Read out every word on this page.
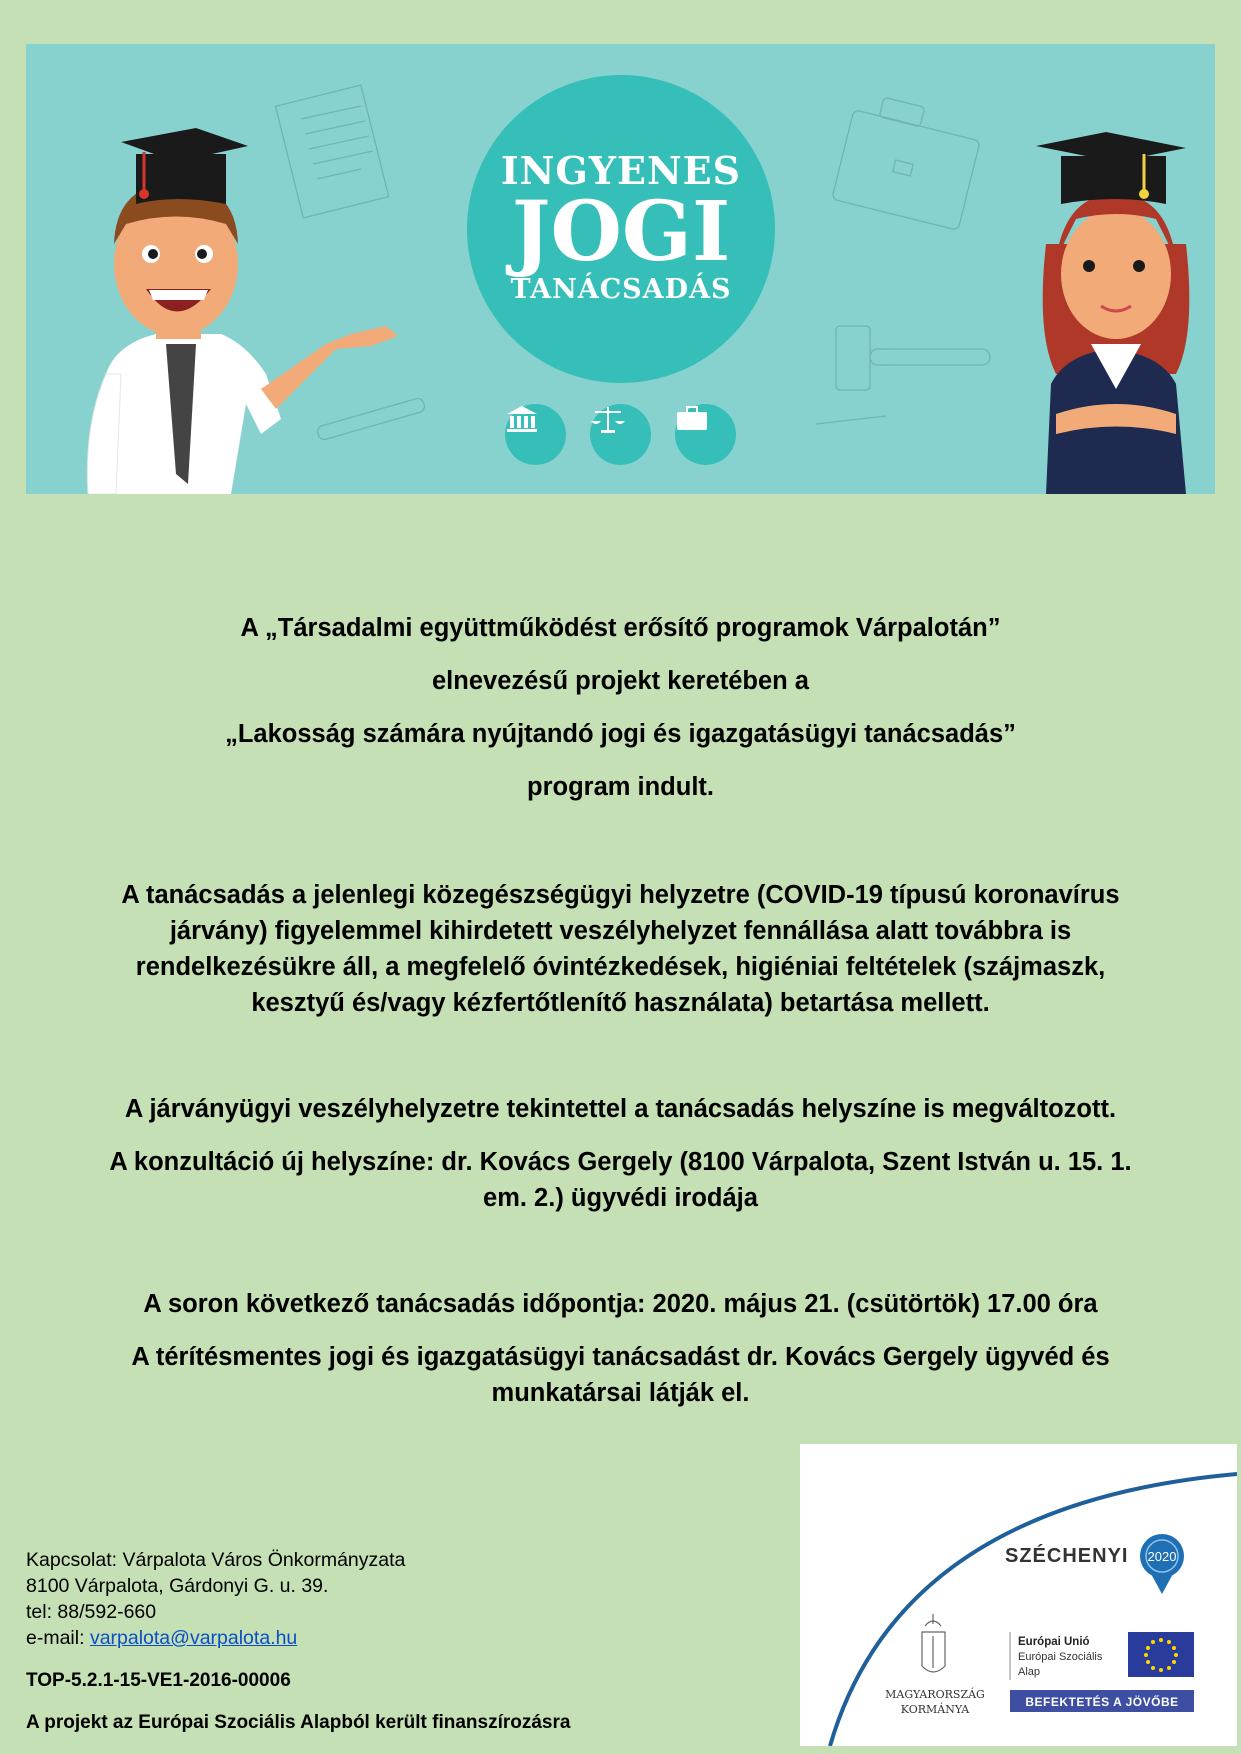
INGYENES
JOGI
TANÁCSADÁS

A „Társadalmi együttműködést erősítő programok Várpalotán”

elnevezésű projekt keretében a

„Lakosság számára nyújtandó jogi és igazgatásügyi tanácsadás”

program indult.

A tanácsadás a jelenlegi közegészségügyi helyzetre (COVID-19 típusú koronavírus

járvány) figyelemmel kihirdetett veszélyhelyzet fennállása alatt továbbra is

rendelkezésükre áll, a megfelelő óvintézkedések, higiéniai feltételek (szájmaszk,

kesztyű és/vagy kézfertőtlenítő használata) betartása mellett.

A járványügyi veszélyhelyzetre tekintettel a tanácsadás helyszíne is megváltozott.

A konzultáció új helyszíne: dr. Kovács Gergely (8100 Várpalota, Szent István u. 15. 1.

em. 2.) ügyvédi irodája

A soron következő tanácsadás időpontja: 2020. május 21. (csütörtök) 17.00 óra

A térítésmentes jogi és igazgatásügyi tanácsadást dr. Kovács Gergely ügyvéd és

munkatársai látják el.

Kapcsolat: Várpalota Város Önkormányzata
8100 Várpalota, Gárdonyi G. u. 39.
tel: 88/592-660
e-mail: varpalota@varpalota.hu
TOP-5.2.1-15-VE1-2016-00006
A projekt az Európai Szociális Alapból került finanszírozásra
SZÉCHENYI 2020
MAGYARORSZÁG
KORMÁNYA
Európai Unió
Európai Szociális
Alap
BEFEKTETÉS A JÖVŐBE
